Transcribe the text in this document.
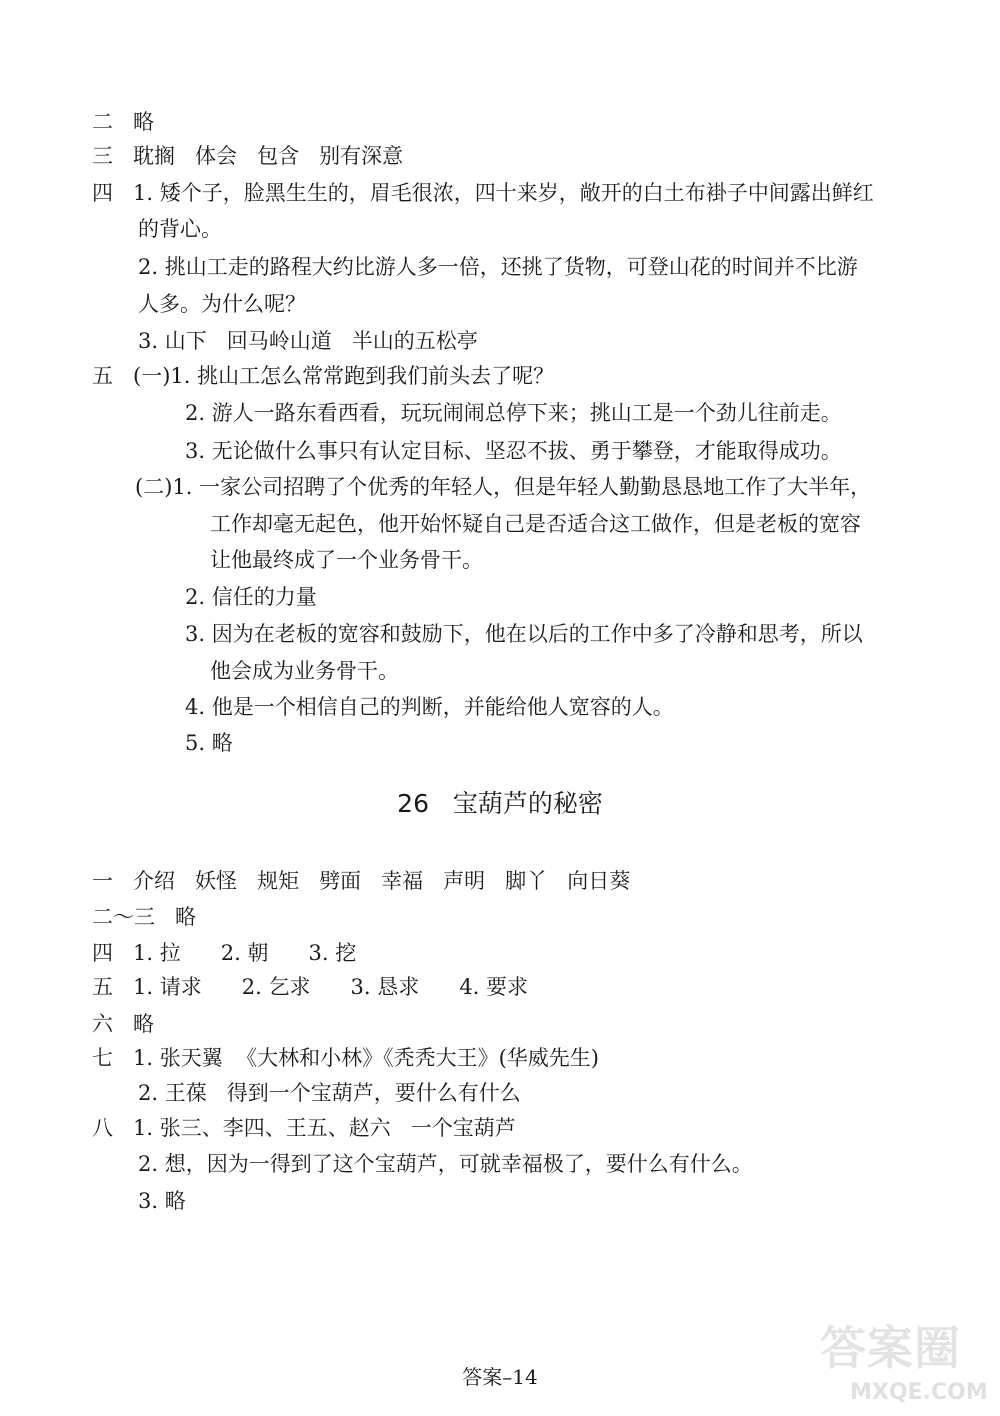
二   略
三   耽搁   体会   包含   别有深意
四   1. 矮个子，脸黑生生的，眉毛很浓，四十来岁，敞开的白土布褂子中间露出鲜红
的背心。
2. 挑山工走的路程大约比游人多一倍，还挑了货物，可登山花的时间并不比游
人多。为什么呢？
3. 山下   回马岭山道   半山的五松亭
五   (一)1. 挑山工怎么常常跑到我们前头去了呢？
2. 游人一路东看西看，玩玩闹闹总停下来；挑山工是一个劲儿往前走。
3. 无论做什么事只有认定目标、坚忍不拔、勇于攀登，才能取得成功。
(二)1. 一家公司招聘了个优秀的年轻人，但是年轻人勤勤恳恳地工作了大半年，
工作却毫无起色，他开始怀疑自己是否适合这工做作，但是老板的宽容
让他最终成了一个业务骨干。
2. 信任的力量
3. 因为在老板的宽容和鼓励下，他在以后的工作中多了冷静和思考，所以
他会成为业务骨干。
4. 他是一个相信自己的判断，并能给他人宽容的人。
5. 略
26   宝葫芦的秘密
一   介绍   妖怪   规矩   劈面   幸福   声明   脚丫   向日葵
二～三   略
四   1. 拉      2. 朝      3. 挖
五   1. 请求      2. 乞求      3. 恳求      4. 要求
六   略
七   1. 张天翼  《大林和小林》《秃秃大王》(华威先生)
2. 王葆   得到一个宝葫芦，要什么有什么
八   1. 张三、李四、王五、赵六   一个宝葫芦
2. 想，因为一得到了这个宝葫芦，可就幸福极了，要什么有什么。
3. 略
答案–14
答案圈
MXQE.COM
